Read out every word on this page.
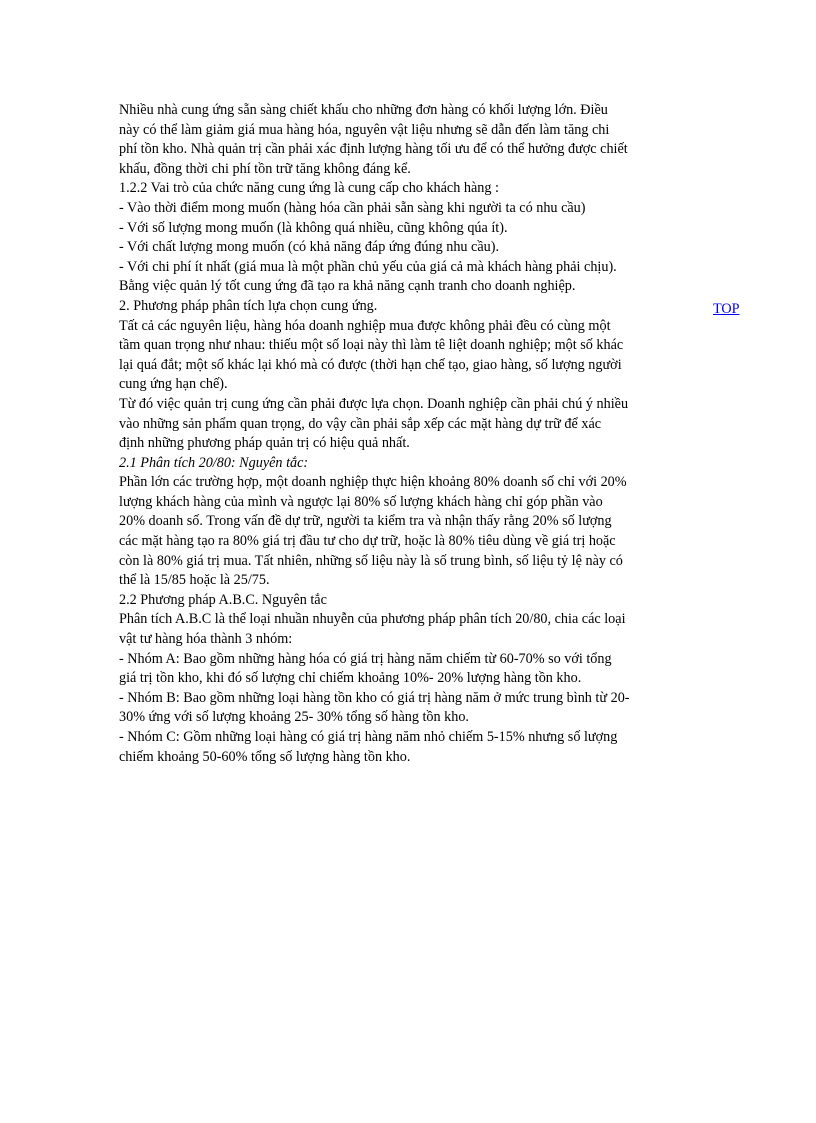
Nhiều nhà cung ứng sẵn sàng chiết khấu cho những đơn hàng có khối lượng lớn. Điều
này có thể làm giảm giá mua hàng hóa, nguyên vật liệu nhưng sẽ dẫn đến làm tăng chi
phí tồn kho. Nhà quản trị cần phải xác định lượng hàng tối ưu để có thể hưởng được chiết
khấu, đồng thời chi phí tồn trữ tăng không đáng kể.
1.2.2 Vai trò của chức năng cung ứng là cung cấp cho khách hàng :
- Vào thời điểm mong muốn (hàng hóa cần phải sẵn sàng khi người ta có nhu cầu)
- Với số lượng mong muốn (là không quá nhiều, cũng không qúa ít).
- Với chất lượng mong muốn (có khả năng đáp ứng đúng nhu cầu).
- Với chi phí ít nhất (giá mua là một phần chủ yếu của giá cả mà khách hàng phải chịu).
Bằng việc quản lý tốt cung ứng đã tạo ra khả năng cạnh tranh cho doanh nghiệp.
2. Phương pháp phân tích lựa chọn cung ứng.
Tất cả các nguyên liệu, hàng hóa doanh nghiệp mua được không phải đều có cùng một
tầm quan trọng như nhau: thiếu một số loại này thì làm tê liệt doanh nghiệp; một số khác
lại quá đắt; một số khác lại khó mà có được (thời hạn chế tạo, giao hàng, số lượng người
cung ứng hạn chế).
Từ đó việc quản trị cung ứng cần phải được lựa chọn. Doanh nghiệp cần phải chú ý nhiều
vào những sản phẩm quan trọng, do vậy cần phải sắp xếp các mặt hàng dự trữ để xác
định những phương pháp quản trị có hiệu quả nhất.
2.1 Phân tích 20/80: Nguyên tắc:
Phần lớn các trường hợp, một doanh nghiệp thực hiện khoảng 80% doanh số chỉ với 20%
lượng khách hàng của mình và ngược lại 80% số lượng khách hàng chỉ góp phần vào
20% doanh số. Trong vấn đề dự trữ, người ta kiểm tra và nhận thấy rằng 20% số lượng
các mặt hàng tạo ra 80% giá trị đầu tư cho dự trữ, hoặc là 80% tiêu dùng về giá trị hoặc
còn là 80% giá trị mua. Tất nhiên, những số liệu này là số trung bình, số liệu tỷ lệ này có
thể là 15/85 hoặc là 25/75.
2.2 Phương pháp A.B.C. Nguyên tắc
Phân tích A.B.C là thể loại nhuần nhuyễn của phương pháp phân tích 20/80, chia các loại
vật tư hàng hóa thành 3 nhóm:
- Nhóm A: Bao gồm những hàng hóa có giá trị hàng năm chiếm từ 60-70% so với tổng
giá trị tồn kho, khi đó số lượng chỉ chiếm khoảng 10%- 20% lượng hàng tồn kho.
- Nhóm B: Bao gồm những loại hàng tồn kho có giá trị hàng năm ở mức trung bình từ 20-
30% ứng với số lượng khoảng 25- 30% tổng số hàng tồn kho.
- Nhóm C: Gồm những loại hàng có giá trị hàng năm nhỏ chiếm 5-15% nhưng số lượng
chiếm khoảng 50-60% tổng số lượng hàng tồn kho.
TOP
